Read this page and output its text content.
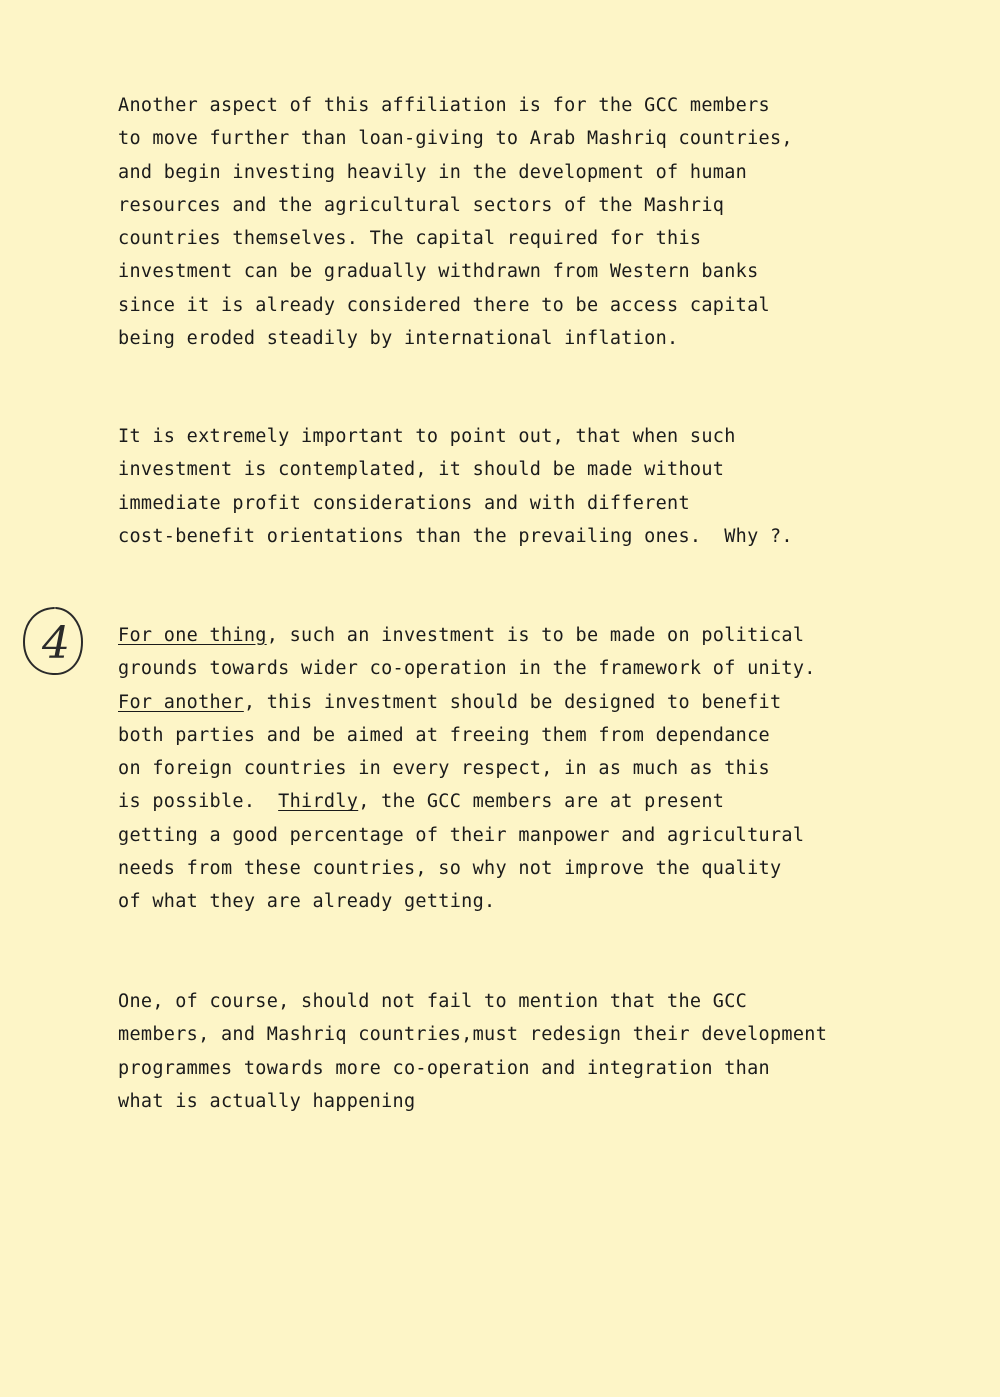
4

Another aspect of this affiliation is for the GCC members
to move further than loan-giving to Arab Mashriq countries,
and begin investing heavily in the development of human
resources and the agricultural sectors of the Mashriq
countries themselves. The capital required for this
investment can be gradually withdrawn from Western banks
since it is already considered there to be access capital
being eroded steadily by international inflation.

It is extremely important to point out, that when such
investment is contemplated, it should be made without
immediate profit considerations and with different
cost-benefit orientations than the prevailing ones.  Why ?.

For one thing, such an investment is to be made on political
grounds towards wider co-operation in the framework of unity.
For another, this investment should be designed to benefit
both parties and be aimed at freeing them from dependance
on foreign countries in every respect, in as much as this
is possible.  Thirdly, the GCC members are at present
getting a good percentage of their manpower and agricultural
needs from these countries, so why not improve the quality
of what they are already getting.

One, of course, should not fail to mention that the GCC
members, and Mashriq countries,must redesign their development
programmes towards more co-operation and integration than
what is actually happening
